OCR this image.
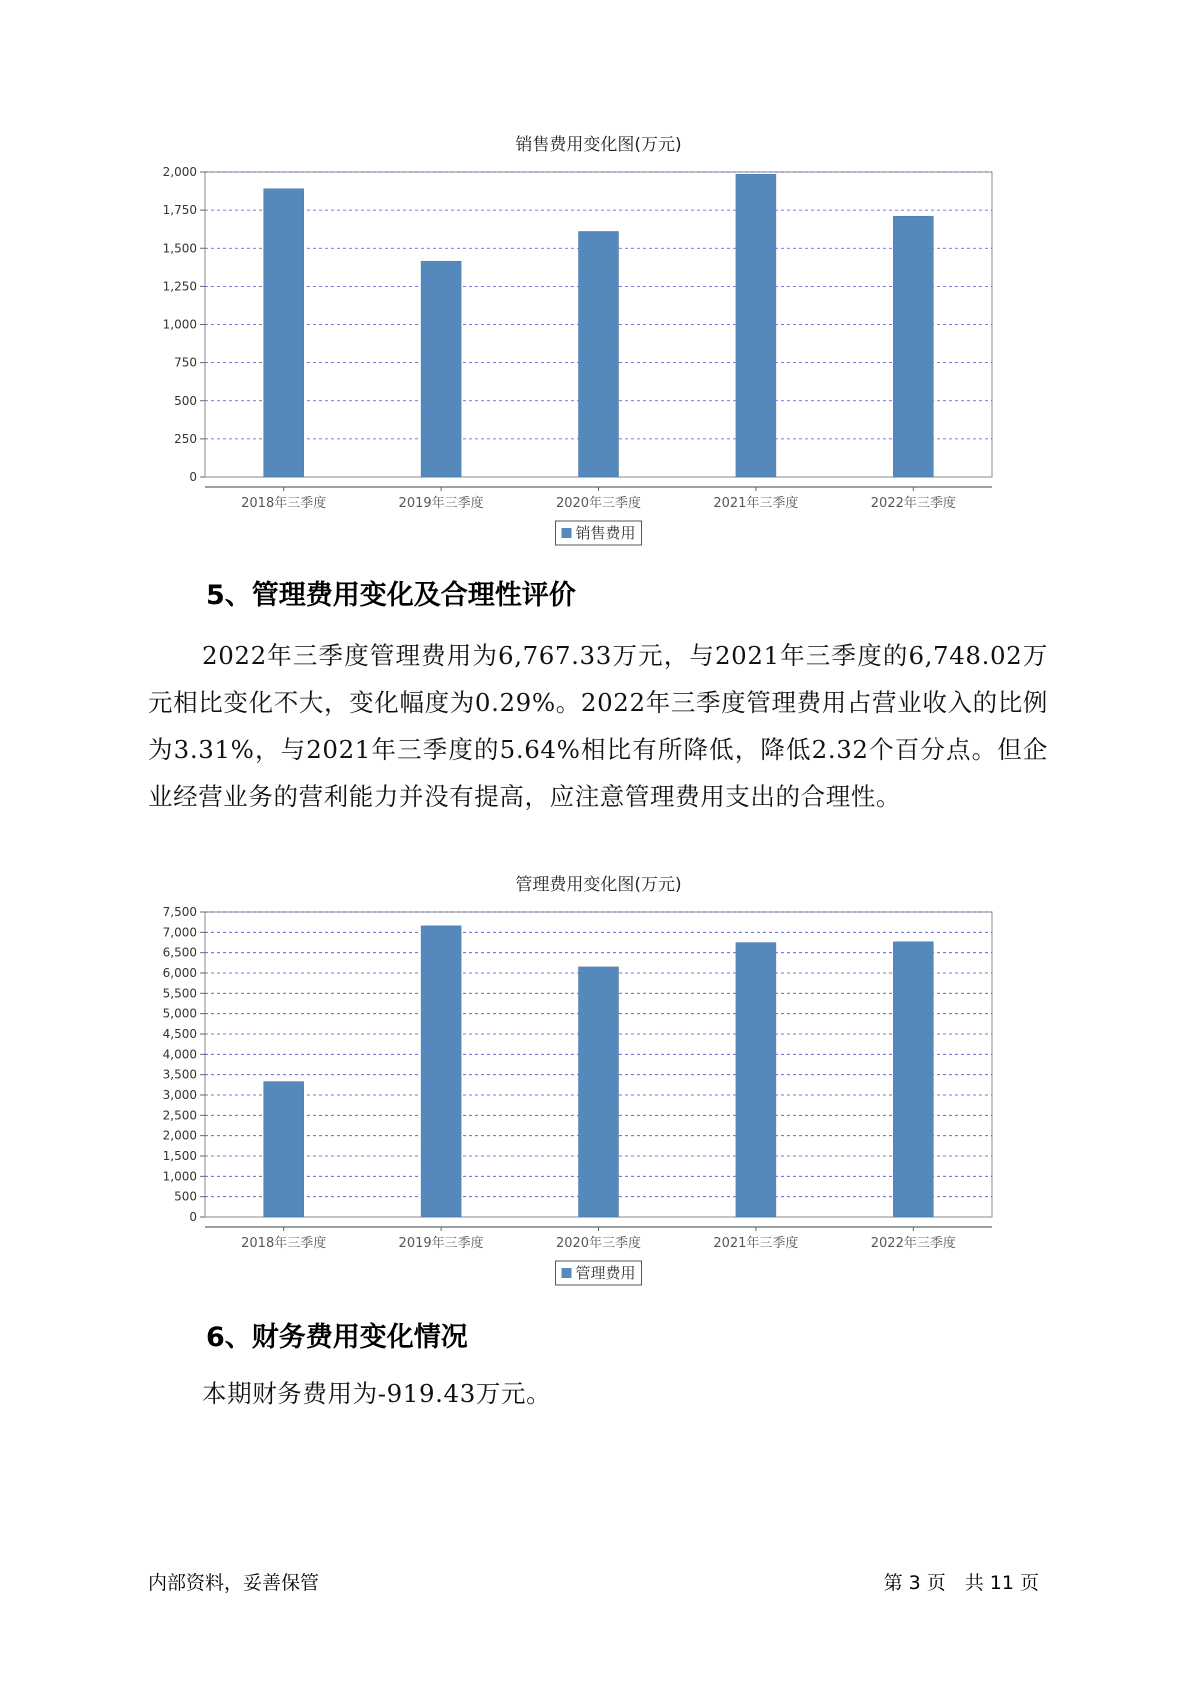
销售费用变化图(万元)
0
250
500
750
1,000
1,250
1,500
1,750
2,000
2018年三季度	2019年三季度	2020年三季度	2021年三季度	2022年三季度
销售费用
5、管理费用变化及合理性评价

2022年三季度管理费用为6,767.33万元，与2021年三季度的6,748.02万元相比变化不大，变化幅度为0.29%。2022年三季度管理费用占营业收入的比例为3.31%，与2021年三季度的5.64%相比有所降低，降低2.32个百分点。但企业经营业务的营利能力并没有提高，应注意管理费用支出的合理性。

管理费用变化图(万元)
0
500
1,000
1,500
2,000
2,500
3,000
3,500
4,000
4,500
5,000
5,500
6,000
6,500
7,000
7,500
2018年三季度	2019年三季度	2020年三季度	2021年三季度	2022年三季度
管理费用
6、财务费用变化情况

本期财务费用为-919.43万元。

内部资料，妥善保管	第 3 页　共 11 页
